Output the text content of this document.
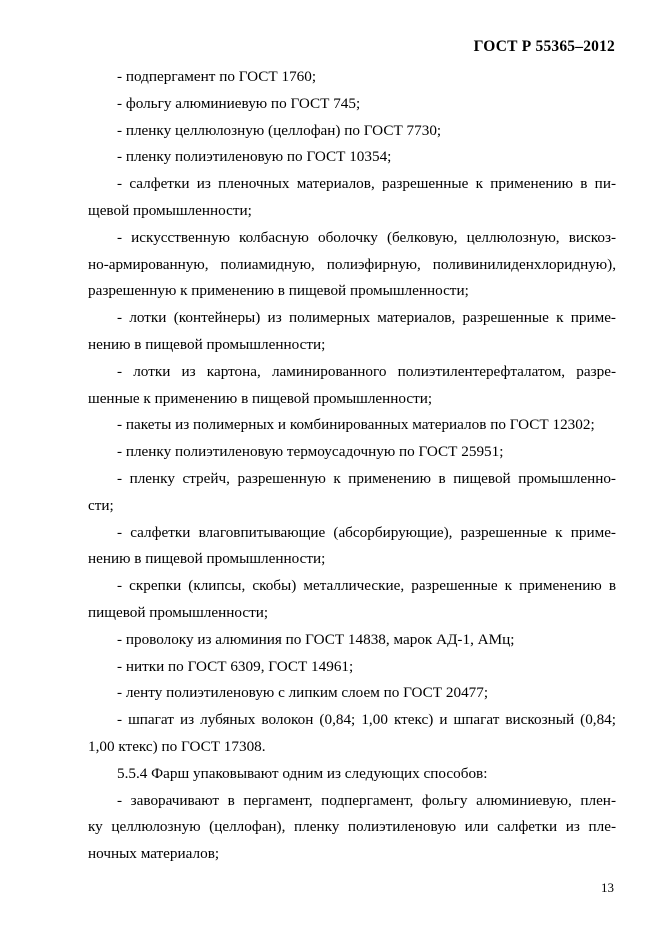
ГОСТ Р 55365–2012
- подпергамент по ГОСТ 1760;
- фольгу алюминиевую по ГОСТ 745;
- пленку целлюлозную (целлофан) по ГОСТ 7730;
- пленку полиэтиленовую по ГОСТ 10354;
- салфетки из пленочных материалов, разрешенные к применению в пи-
щевой промышленности;
- искусственную колбасную оболочку (белковую, целлюлозную, вискоз-
но-армированную, полиамидную, полиэфирную, поливинилиденхлоридную),
разрешенную к применению в пищевой промышленности;
- лотки (контейнеры) из полимерных материалов, разрешенные к приме-
нению в пищевой промышленности;
- лотки из картона, ламинированного полиэтилентерефталатом, разре-
шенные к применению в пищевой промышленности;
- пакеты из полимерных и комбинированных материалов по ГОСТ 12302;
- пленку полиэтиленовую термоусадочную по ГОСТ 25951;
- пленку стрейч, разрешенную к применению в пищевой промышленно-
сти;
- салфетки влаговпитывающие (абсорбирующие), разрешенные к приме-
нению в пищевой промышленности;
- скрепки (клипсы, скобы) металлические, разрешенные к применению в
пищевой промышленности;
- проволоку из алюминия по ГОСТ 14838, марок АД-1, АМц;
- нитки по ГОСТ 6309, ГОСТ 14961;
- ленту полиэтиленовую с липким слоем по ГОСТ 20477;
- шпагат из лубяных волокон (0,84; 1,00 ктекс) и шпагат вискозный (0,84;
1,00 ктекс) по ГОСТ 17308.
5.5.4 Фарш упаковывают одним из следующих способов:
- заворачивают в пергамент, подпергамент, фольгу алюминиевую, плен-
ку целлюлозную (целлофан), пленку полиэтиленовую или салфетки из пле-
ночных материалов;
13
